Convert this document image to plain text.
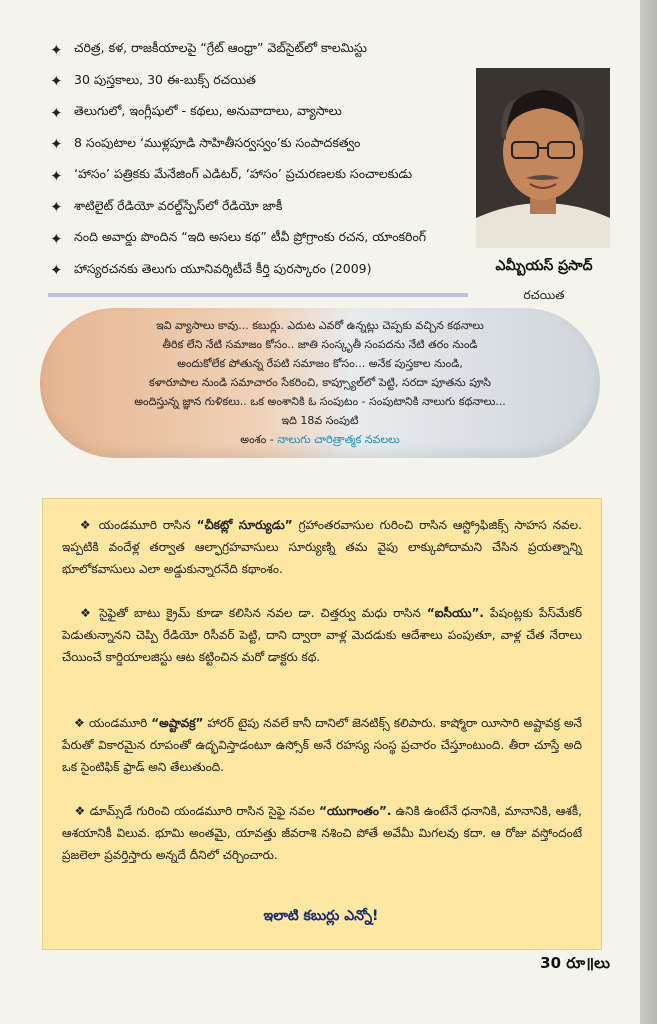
✦ చరిత్ర, కళ, రాజకీయాలపై “గ్రేట్ ఆంధ్రా” వెబ్‌సైట్‌లో కాలమిస్టు
✦ 30 పుస్తకాలు, 30 ఈ-బుక్స్ రచయిత
✦ తెలుగులో, ఇంగ్లీషులో - కథలు, అనువాదాలు, వ్యాసాలు
✦ 8 సంపుటాల ‘ముళ్లపూడి సాహితీసర్వస్వం’కు సంపాదకత్వం
✦ ‘హాసం’ పత్రికకు మేనేజింగ్ ఎడిటర్, ‘హాసం’ ప్రచురణలకు సంచాలకుడు
✦ శాటిలైట్ రేడియో వరల్డ్‌స్పేస్‌లో రేడియో జాకీ
✦ నంది అవార్డు పొందిన “ఇది అసలు కథ” టీవీ ప్రోగ్రాంకు రచన, యాంకరింగ్
✦ హాస్యరచనకు తెలుగు యూనివర్శిటీచే కీర్తి పురస్కారం (2009)	ఎమ్బీయస్ ప్రసాద్
రచయిత
ఇవి వ్యాసాలు కావు... కబుర్లు. ఎదుట ఎవరో ఉన్నట్లు చెప్పకు వచ్చిన కథనాలు
తీరిక లేని నేటి సమాజం కోసం.. జాతి సంస్కృతీ సంపదను నేటి తరం నుండి
అందుకోలేక పోతున్న రేపటి సమాజం కోసం... అనేక పుస్తకాల నుండి,
కళారూపాల నుండి సమాచారం సేకరించి, కాప్స్యూల్‌లో పెట్టి, సరదా పూతను పూసి
అందిస్తున్న జ్ఞాన గుళికలు.. ఒక అంశానికి ఓ సంపుటం - సంపుటానికి నాలుగు కథనాలు...
ఇది 18వ సంపుటి
అంశం - నాలుగు చారిత్రాత్మక నవలలు

❖ యండమూరి రాసిన “చీకట్లో సూర్యుడు” గ్రహాంతరవాసుల గురించి రాసిన ఆస్ట్రోఫిజిక్స్ సాహస నవల. ఇప్పటికి వందేళ్ల తర్వాత ఆల్ఫాగ్రహవాసులు సూర్యుణ్ని తమ వైపు లాక్కుపోదామని చేసిన ప్రయత్నాన్ని భూలోకవాసులు ఎలా అడ్డుకున్నారనేది కథాంశం.

❖ సైఫైతో బాటు క్రైమ్ కూడా కలిసిన నవల డా. చిత్తర్వు మధు రాసిన “ఐసీయు”. పేషంట్లకు పేస్‌మేకర్ పెడుతున్నానని చెప్పి రేడియో రిసీవర్ పెట్టి, దాని ద్వారా వాళ్ల మెదడుకు ఆదేశాలు పంపుతూ, వాళ్ల చేత నేరాలు చేయించే కార్డియాలజిస్టు ఆట కట్టించిన మరో డాక్టరు కథ.

❖ యండమూరి “అష్టావక్ర” హారర్ టైపు నవలే కానీ దానిలో జెనటిక్స్ కలిపారు. కాష్మోరా యీసారి అష్టావక్ర అనే పేరుతో వికారమైన రూపంతో ఉద్భవిస్తాడంటూ ఉస్సోక్ అనే రహస్య సంస్థ ప్రచారం చేస్తూంటుంది. తీరా చూస్తే అది ఒక సైంటిఫిక్ ఫ్రాడ్ అని తేలుతుంది.

❖ డూమ్స్‌డే గురించి యండమూరి రాసిన సైఫై నవల “యుగాంతం”. ఉనికి ఉంటేనే ధనానికి, మానానికి, ఆశకీ, ఆశయానికీ విలువ. భూమి అంతమై, యావత్తు జీవరాశి నశించి పోతే అవేమీ మిగలవు కదా. ఆ రోజు వస్తోందంటే ప్రజలెలా ప్రవర్తిస్తారు అన్నదే దీనిలో చర్చించారు.

ఇలాటి కబుర్లు ఎన్నో!
30 రూ॥లు
